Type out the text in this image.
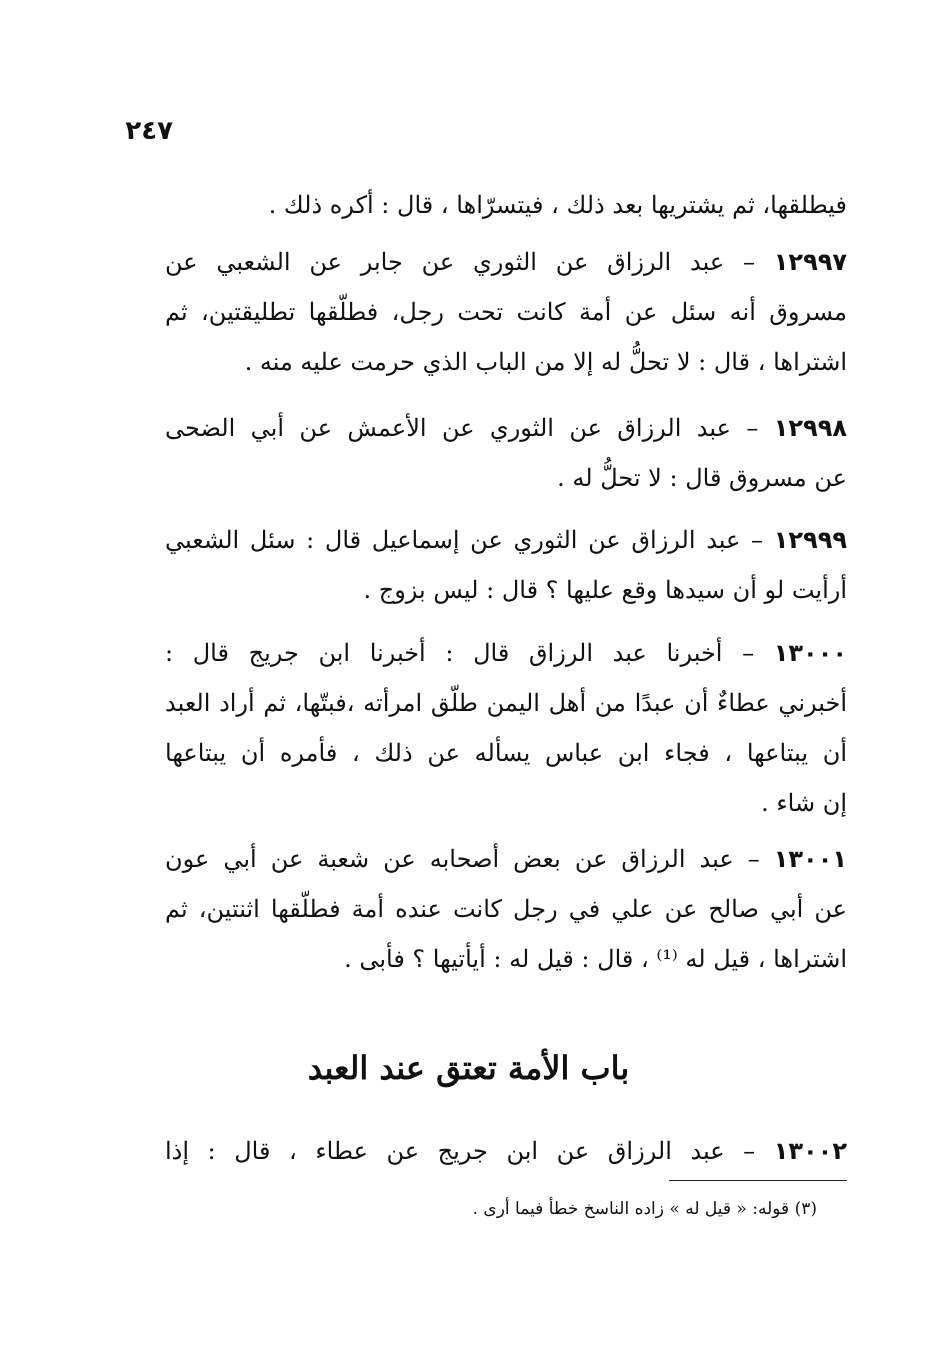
٢٤٧
فيطلقها، ثم يشتريها بعد ذلك ، فيتسرّاها ، قال : أكره ذلك .
١٢٩٩٧ – عبد الرزاق عن الثوري عن جابر عن الشعبي عن
مسروق أنه سئل عن أمة كانت تحت رجل، فطلّقها تطليقتين، ثم
اشتراها ، قال : لا تحلُّ له إلا من الباب الذي حرمت عليه منه .
١٢٩٩٨ – عبد الرزاق عن الثوري عن الأعمش عن أبي الضحى
عن مسروق قال : لا تحلُّ له .
١٢٩٩٩ – عبد الرزاق عن الثوري عن إسماعيل قال : سئل الشعبي
أرأيت لو أن سيدها وقع عليها ؟ قال : ليس بزوج .
١٣٠٠٠ – أخبرنا عبد الرزاق قال : أخبرنا ابن جريج قال :
أخبرني عطاءٌ أن عبدًا من أهل اليمن طلّق امرأته ،فبتّها، ثم أراد العبد
أن يبتاعها ، فجاء ابن عباس يسأله عن ذلك ، فأمره أن يبتاعها
إن شاء .
١٣٠٠١ – عبد الرزاق عن بعض أصحابه عن شعبة عن أبي عون
عن أبي صالح عن علي في رجل كانت عنده أمة فطلّقها اثنتين، ثم
اشتراها ، قيل له ⁽¹⁾ ، قال : قيل له : أيأتيها ؟ فأبى .
باب الأمة تعتق عند العبد
١٣٠٠٢ – عبد الرزاق عن ابن جريج عن عطاء ، قال : إذا
(٣) قوله: « قيل له » زاده الناسخ خطأ فيما أرى .
